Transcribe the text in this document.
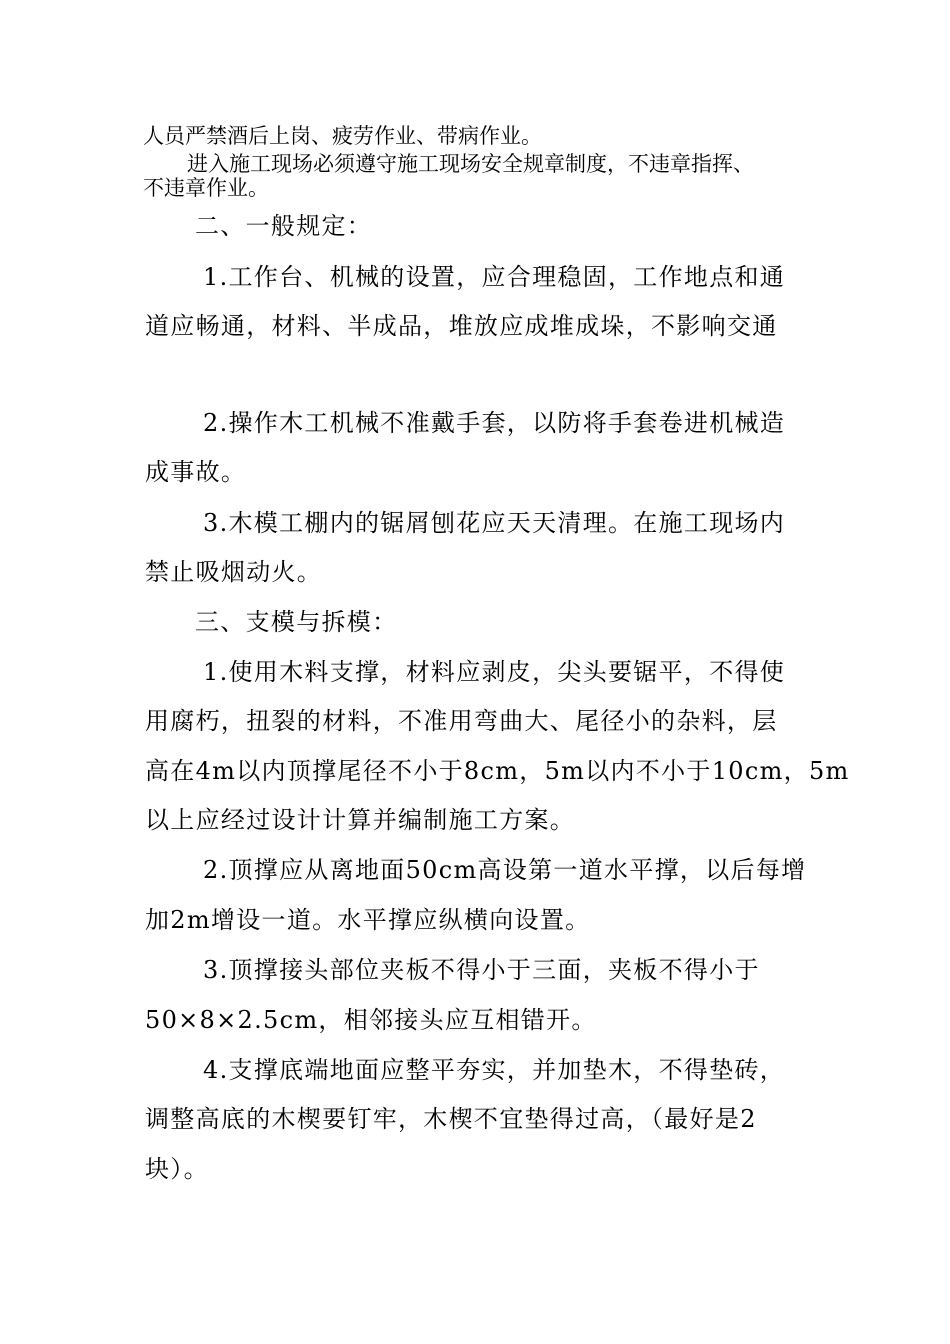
人员严禁酒后上岗、疲劳作业、带病作业。

进入施工现场必须遵守施工现场安全规章制度，不违章指挥、

不违章作业。

二、一般规定：

1.工作台、机械的设置，应合理稳固，工作地点和通

道应畅通，材料、半成品，堆放应成堆成垛，不影响交通

2.操作木工机械不准戴手套，以防将手套卷进机械造

成事故。

3.木模工棚内的锯屑刨花应天天清理。在施工现场内

禁止吸烟动火。

三、支模与拆模：

1.使用木料支撑，材料应剥皮，尖头要锯平，不得使

用腐朽，扭裂的材料，不准用弯曲大、尾径小的杂料，层

高在4m以内顶撑尾径不小于8cm，5m以内不小于10cm，5m

以上应经过设计计算并编制施工方案。

2.顶撑应从离地面50cm高设第一道水平撑，以后每增

加2m增设一道。水平撑应纵横向设置。

3.顶撑接头部位夹板不得小于三面，夹板不得小于

50×8×2.5cm，相邻接头应互相错开。

4.支撑底端地面应整平夯实，并加垫木，不得垫砖，

调整高底的木楔要钉牢，木楔不宜垫得过高，（最好是2

块）。
